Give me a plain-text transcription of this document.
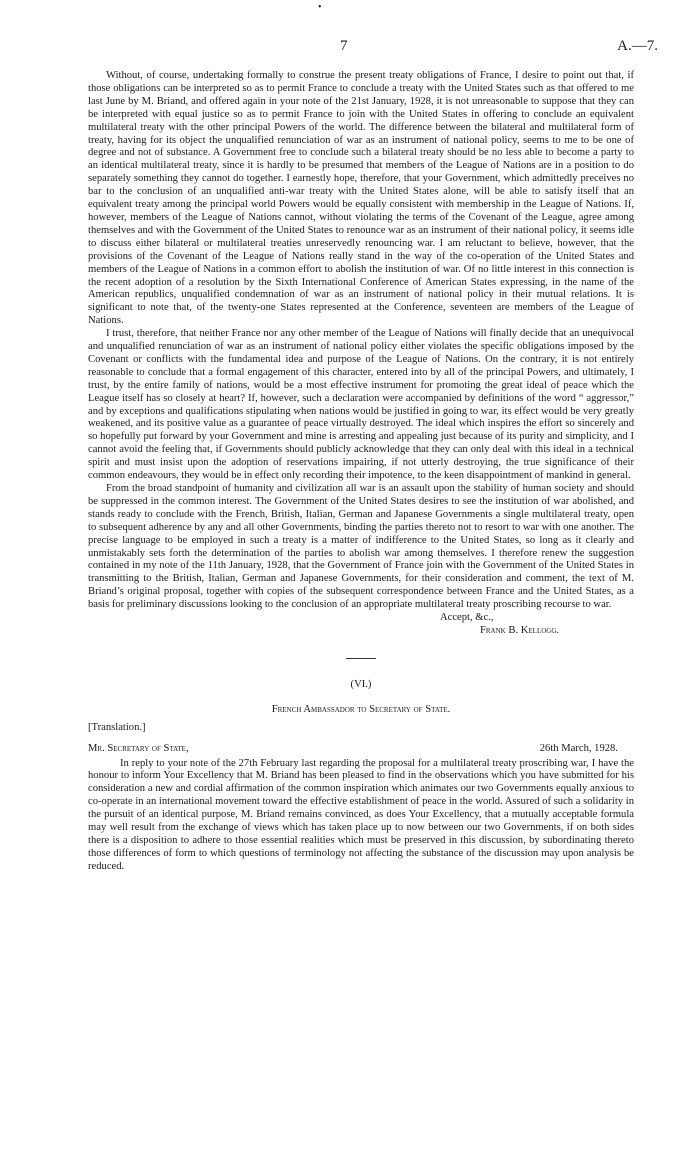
•
7	A.—7.

Without, of course, undertaking formally to construe the present treaty obligations of France, I desire to point out that, if those obligations can be interpreted so as to permit France to conclude a treaty with the United States such as that offered to me last June by M. Briand, and offered again in your note of the 21st January, 1928, it is not unreasonable to suppose that they can be interpreted with equal justice so as to permit France to join with the United States in offering to conclude an equivalent multilateral treaty with the other principal Powers of the world. The difference between the bilateral and multilateral form of treaty, having for its object the unqualified renunciation of war as an instrument of national policy, seems to me to be one of degree and not of substance. A Government free to conclude such a bilateral treaty should be no less able to become a party to an identical multilateral treaty, since it is hardly to be presumed that members of the League of Nations are in a position to do separately something they cannot do together. I earnestly hope, therefore, that your Government, which admittedly preceives no bar to the conclusion of an unqualified anti-war treaty with the United States alone, will be able to satisfy itself that an equivalent treaty among the principal world Powers would be equally consistent with membership in the League of Nations. If, however, members of the League of Nations cannot, without violating the terms of the Covenant of the League, agree among themselves and with the Government of the United States to renounce war as an instrument of their national policy, it seems idle to discuss either bilateral or multilateral treaties unreservedly renouncing war. I am reluctant to believe, however, that the provisions of the Covenant of the League of Nations really stand in the way of the co-operation of the United States and members of the League of Nations in a common effort to abolish the institution of war. Of no little interest in this connection is the recent adoption of a resolution by the Sixth International Conference of American States expressing, in the name of the American republics, unqualified condemnation of war as an instrument of national policy in their mutual relations. It is significant to note that, of the twenty-one States represented at the Conference, seventeen are members of the League of Nations.

I trust, therefore, that neither France nor any other member of the League of Nations will finally decide that an unequivocal and unqualified renunciation of war as an instrument of national policy either violates the specific obligations imposed by the Covenant or conflicts with the fundamental idea and purpose of the League of Nations. On the contrary, it is not entirely reasonable to conclude that a formal engagement of this character, entered into by all of the principal Powers, and ultimately, I trust, by the entire family of nations, would be a most effective instrument for promoting the great ideal of peace which the League itself has so closely at heart? If, however, such a declaration were accompanied by definitions of the word “ aggressor,” and by exceptions and qualifications stipulating when nations would be justified in going to war, its effect would be very greatly weakened, and its positive value as a guarantee of peace virtually destroyed. The ideal which inspires the effort so sincerely and so hopefully put forward by your Government and mine is arresting and appealing just because of its purity and simplicity, and I cannot avoid the feeling that, if Governments should publicly acknowledge that they can only deal with this ideal in a technical spirit and must insist upon the adoption of reservations impairing, if not utterly destroying, the true significance of their common endeavours, they would be in effect only recording their impotence, to the keen disappointment of mankind in general.

From the broad standpoint of humanity and civilization all war is an assault upon the stability of human society and should be suppressed in the common interest. The Government of the United States desires to see the institution of war abolished, and stands ready to conclude with the French, British, Italian, German and Japanese Governments a single multilateral treaty, open to subsequent adherence by any and all other Governments, binding the parties thereto not to resort to war with one another. The precise language to be employed in such a treaty is a matter of indifference to the United States, so long as it clearly and unmistakably sets forth the determination of the parties to abolish war among themselves. I therefore renew the suggestion contained in my note of the 11th January, 1928, that the Government of France join with the Government of the United States in transmitting to the British, Italian, German and Japanese Governments, for their consideration and comment, the text of M. Briand’s original proposal, together with copies of the subsequent correspondence between France and the United States, as a basis for preliminary discussions looking to the conclusion of an appropriate multilateral treaty proscribing recourse to war.

Accept, &c.,
Frank B. Kellogg.
(VI.)
French Ambassador to Secretary of State.
[Translation.]
Mr. Secretary of State,	26th March, 1928.

In reply to your note of the 27th February last regarding the proposal for a multilateral treaty proscribing war, I have the honour to inform Your Excellency that M. Briand has been pleased to find in the observations which you have submitted for his consideration a new and cordial affirmation of the common inspiration which animates our two Governments equally anxious to co-operate in an international movement toward the effective establishment of peace in the world. Assured of such a solidarity in the pursuit of an identical purpose, M. Briand remains convinced, as does Your Excellency, that a mutually acceptable formula may well result from the exchange of views which has taken place up to now between our two Governments, if on both sides there is a disposition to adhere to those essential realities which must be preserved in this discussion, by subordinating thereto those differences of form to which questions of terminology not affecting the substance of the discussion may upon analysis be reduced.
